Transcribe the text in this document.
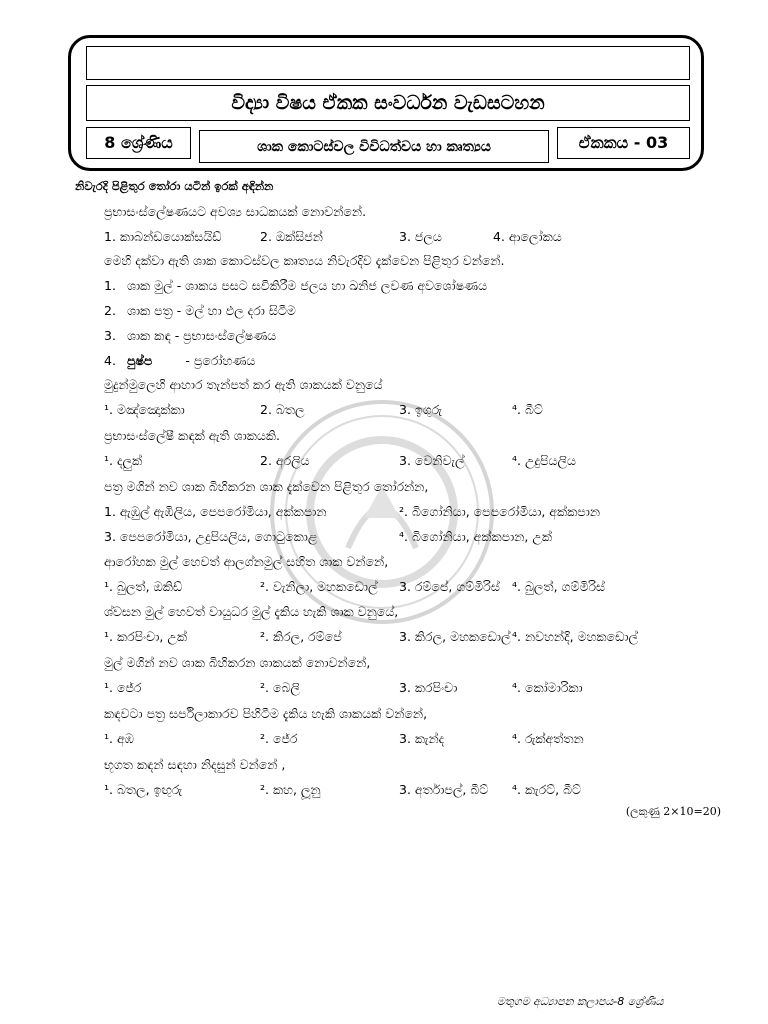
විද්‍යා විෂය ඒකක සංවර්ධන වැඩසටහන
8 ශ්‍රේණිය	ශාක කොටස්වල විවිධත්වය හා කෘත්‍යය	ඒකකය - 03
නිවැරදි පිළිතුර තෝරා යටින් ඉරක් අඳින්න
ප්‍රභාසංස්ලේෂණයට අවශ්‍ය සාධකයක් නොවන්නේ.
1. කාබන්ඩයොක්සයිඩ්	2. ඔක්සිජන්	3. ජලය	4. ආලෝකය
මෙහි දක්වා ඇති ශාක කොටස්වල කෘත්‍යය නිවැරදිව දැක්වෙන පිළිතුර වන්නේ.
1. ශාක මුල් - ශාකය පසට සවිකිරීම ජලය හා ඛනිජ ලවණ අවශෝෂණය
2. ශාක පත්‍ර - මල් හා ඵල දරා සිටීම
3. ශාක කඳ - ප්‍රභාසංස්ලේෂණය
4. පුෂ්ප	- ප්‍රරෝහණය
මුදුන්මුලෙහි ආහාර තැන්පත් කර ඇති ශාකයක් වනුයේ
¹. මඤ්ඤොක්කා	2. බතල	3. ඉගුරු	⁴. බීට්
ප්‍රභාසංස්ලේෂී කඳක් ඇති ශාකයකි.
¹. දලුක්	2. අරලිය	3. වෙනිවැල්	⁴. උදුපියලිය
පත්‍ර මගින් නව ශාක බිහිකරන ශාක දැක්වෙන පිළිතුර තෝරන්න,
1. ඇඹුල් ඇඹිලිය, පෙපරෝමියා, අක්කපාන	². බිගෝනියා, පෙපරෝමියා, අක්කපාන
3. පෙපරෝමියා, උදුපියලිය, ගොටුකොළ	⁴. බිගෝනියා, අක්කපාන, උක්
ආරෝහක මුල් හෙවත් ආලග්නමුල් සහිත ශාක වන්නේ,
¹. බුලත්, ඔකිඩ්	². වැනිලා, මහකඩොල් 3. රම්පේ, ගම්මිරිස් ⁴. බුලත්, ගම්මිරිස්
ශ්වසන මුල් හෙවත් වායුධර මුල් දැකිය හැකි ශාක වනුයේ,
¹. කරපිංචා, උක්	². කිරල, රම්පේ	3. කිරල, මහකඩොල් ⁴. නවහන්දි, මහකඩොල්
මුල් මගින් නව ශාක බිහිකරන ශාකයක් නොවන්නේ,
¹. ජේර	². බෙලි	3. කරපිංචා	⁴. කෝමාරිකා
කඳවටා පත්‍ර සර්පිලාකාරව පිහිටීම දැකිය හැකි ශාකයක් වන්නේ,
¹. අඹ	². ජේර	3. කැන්ද	⁴. රුක්අත්තන
භූගත කඳන් සඳහා නිදසුන් වන්නේ ,
¹. බතල, ඉඟුරු	². කහ, ලූනු	3. අර්තාපල්, බීට් ⁴. කැරට්, බීට්
(ලකුණු 2×10=20)
මතුගම අධ්‍යාපන කලාපය-8 ශ්‍රේණිය
